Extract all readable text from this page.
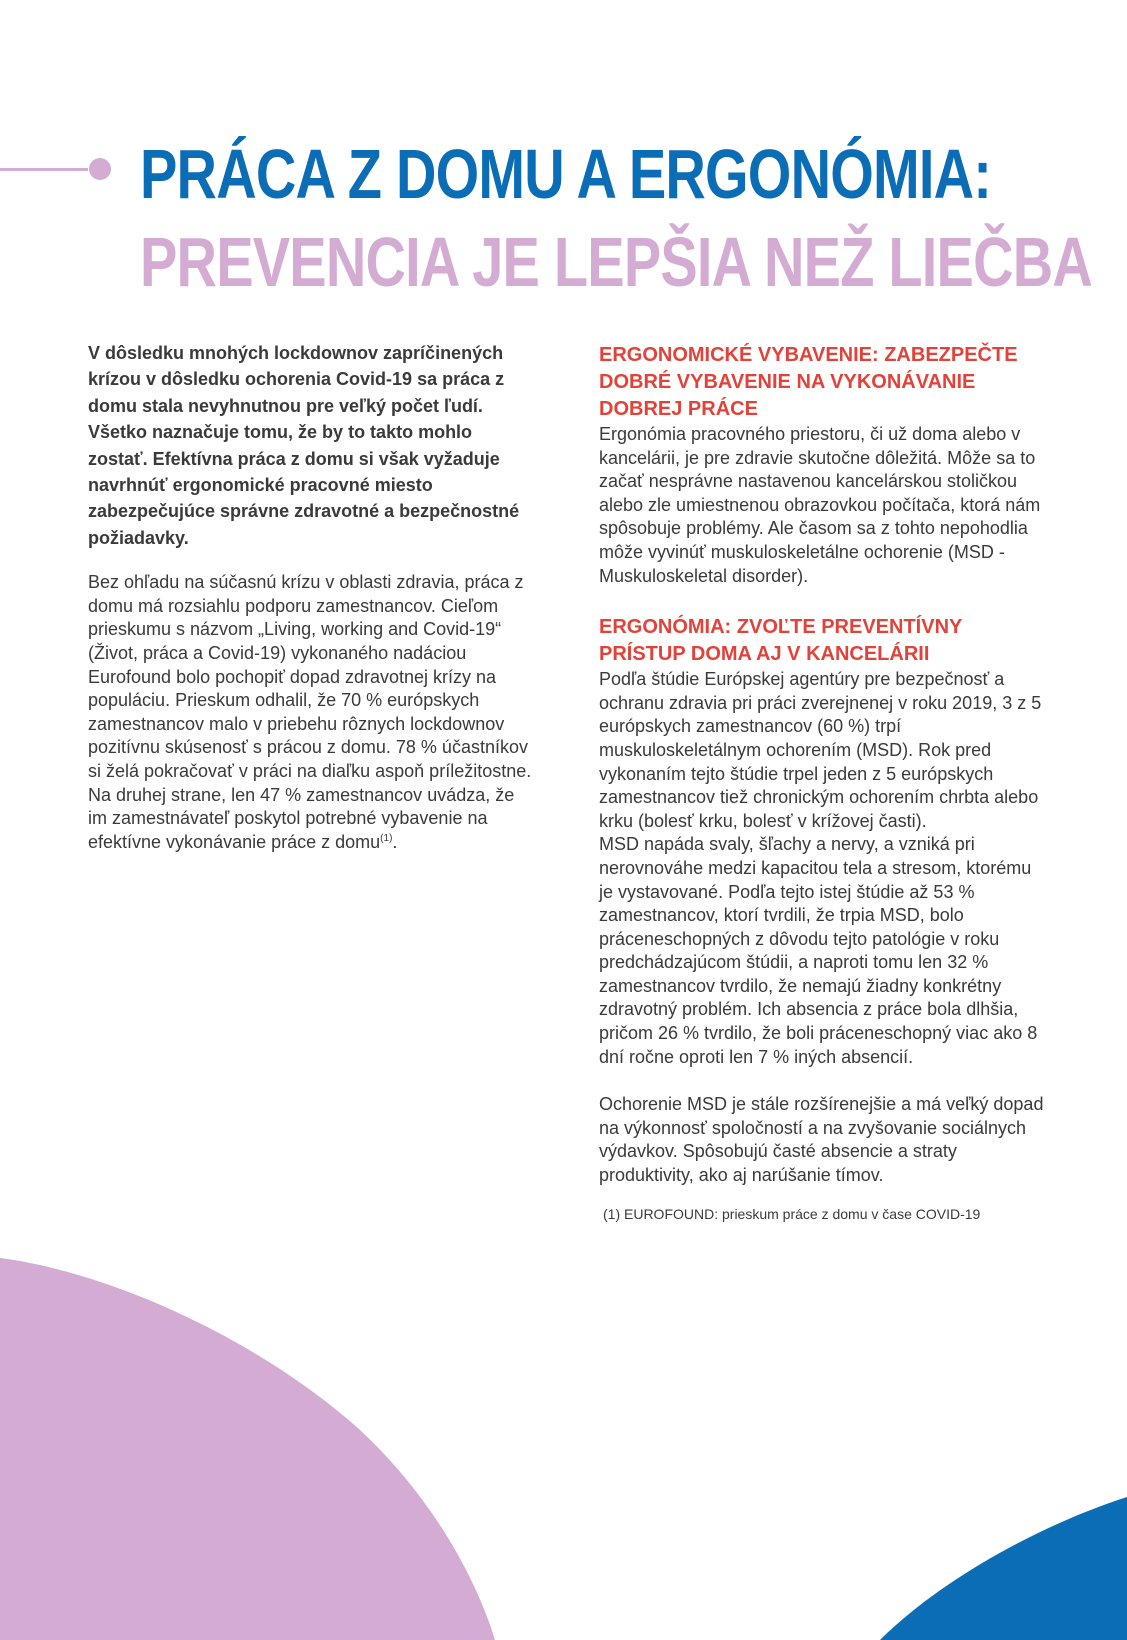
PRÁCA Z DOMU A ERGONÓMIA:
PREVENCIA JE LEPŠIA NEŽ LIEČBA

V dôsledku mnohých lockdownov zapríčinených krízou v dôsledku ochorenia Covid-19 sa práca z domu stala nevyhnutnou pre veľký počet ľudí. Všetko naznačuje tomu, že by to takto mohlo zostať. Efektívna práca z domu si však vyžaduje navrhnúť ergonomické pracovné miesto zabezpečujúce správne zdravotné a bezpečnostné požiadavky.

Bez ohľadu na súčasnú krízu v oblasti zdravia, práca z domu má rozsiahlu podporu zamestnancov. Cieľom prieskumu s názvom „Living, working and Covid-19“ (Život, práca a Covid-19) vykonaného nadáciou Eurofound bolo pochopiť dopad zdravotnej krízy na populáciu. Prieskum odhalil, že 70 % európskych zamestnancov malo v priebehu rôznych lockdownov pozitívnu skúsenosť s prácou z domu. 78 % účastníkov si želá pokračovať v práci na diaľku aspoň príležitostne.

Na druhej strane, len 47 % zamestnancov uvádza, že im zamestnávateľ poskytol potrebné vybavenie na efektívne vykonávanie práce z domu$^{(1)}$.

ERGONOMICKÉ VYBAVENIE: ZABEZPEČTE DOBRÉ VYBAVENIE NA VYKONÁVANIE DOBREJ PRÁCE

Ergonómia pracovného priestoru, či už doma alebo v kancelárii, je pre zdravie skutočne dôležitá. Môže sa to začať nesprávne nastavenou kancelárskou stoličkou alebo zle umiestnenou obrazovkou počítača, ktorá nám spôsobuje problémy. Ale časom sa z tohto nepohodlia môže vyvinúť muskuloskeletálne ochorenie (MSD - Muskuloskeletal disorder).

ERGONÓMIA: ZVOĽTE PREVENTÍVNY PRÍSTUP DOMA AJ V KANCELÁRII

Podľa štúdie Európskej agentúry pre bezpečnosť a ochranu zdravia pri práci zverejnenej v roku 2019, 3 z 5 európskych zamestnancov (60 %) trpí muskuloskeletálnym ochorením (MSD). Rok pred vykonaním tejto štúdie trpel jeden z 5 európskych zamestnancov tiež chronickým ochorením chrbta alebo krku (bolesť krku, bolesť v krížovej časti).

MSD napáda svaly, šľachy a nervy, a vzniká pri nerovnováhe medzi kapacitou tela a stresom, ktorému je vystavované. Podľa tejto istej štúdie až 53 % zamestnancov, ktorí tvrdili, že trpia MSD, bolo práceneschopných z dôvodu tejto patológie v roku predchádzajúcom štúdii, a naproti tomu len 32 % zamestnancov tvrdilo, že nemajú žiadny konkrétny zdravotný problém. Ich absencia z práce bola dlhšia, pričom 26 % tvrdilo, že boli práceneschopný viac ako 8 dní ročne oproti len 7 % iných absencií.

Ochorenie MSD je stále rozšírenejšie a má veľký dopad na výkonnosť spoločností a na zvyšovanie sociálnych výdavkov. Spôsobujú časté absencie a straty produktivity, ako aj narúšanie tímov.

(1) EUROFOUND: prieskum práce z domu v čase COVID-19
